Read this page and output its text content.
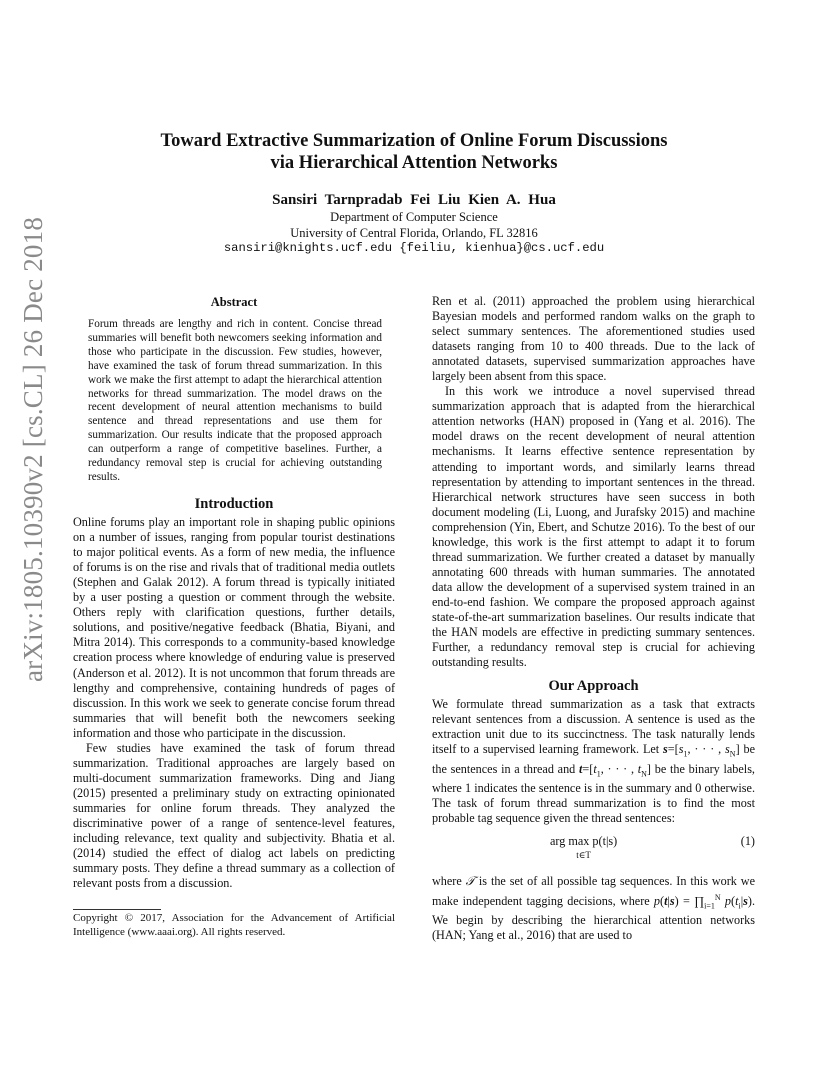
arXiv:1805.10390v2 [cs.CL] 26 Dec 2018
Toward Extractive Summarization of Online Forum Discussions
via Hierarchical Attention Networks
Sansiri Tarnpradab Fei Liu Kien A. Hua
Department of Computer Science
University of Central Florida, Orlando, FL 32816
sansiri@knights.ucf.edu {feiliu, kienhua}@cs.ucf.edu
Abstract
Forum threads are lengthy and rich in content. Concise thread summaries will benefit both newcomers seeking information and those who participate in the discussion. Few studies, however, have examined the task of forum thread summarization. In this work we make the first attempt to adapt the hierarchical attention networks for thread summarization. The model draws on the recent development of neural attention mechanisms to build sentence and thread representations and use them for summarization. Our results indicate that the proposed approach can outperform a range of competitive baselines. Further, a redundancy removal step is crucial for achieving outstanding results.
Introduction

Online forums play an important role in shaping public opinions on a number of issues, ranging from popular tourist destinations to major political events. As a form of new media, the influence of forums is on the rise and rivals that of traditional media outlets (Stephen and Galak 2012). A forum thread is typically initiated by a user posting a question or comment through the website. Others reply with clarification questions, further details, solutions, and positive/negative feedback (Bhatia, Biyani, and Mitra 2014). This corresponds to a community-based knowledge creation process where knowledge of enduring value is preserved (Anderson et al. 2012). It is not uncommon that forum threads are lengthy and comprehensive, containing hundreds of pages of discussion. In this work we seek to generate concise forum thread summaries that will benefit both the newcomers seeking information and those who participate in the discussion.

Few studies have examined the task of forum thread summarization. Traditional approaches are largely based on multi-document summarization frameworks. Ding and Jiang (2015) presented a preliminary study on extracting opinionated summaries for online forum threads. They analyzed the discriminative power of a range of sentence-level features, including relevance, text quality and subjectivity. Bhatia et al. (2014) studied the effect of dialog act labels on predicting summary posts. They define a thread summary as a collection of relevant posts from a discussion.

Copyright © 2017, Association for the Advancement of Artificial Intelligence (www.aaai.org). All rights reserved.

Ren et al. (2011) approached the problem using hierarchical Bayesian models and performed random walks on the graph to select summary sentences. The aforementioned studies used datasets ranging from 10 to 400 threads. Due to the lack of annotated datasets, supervised summarization approaches have largely been absent from this space.

In this work we introduce a novel supervised thread summarization approach that is adapted from the hierarchical attention networks (HAN) proposed in (Yang et al. 2016). The model draws on the recent development of neural attention mechanisms. It learns effective sentence representation by attending to important words, and similarly learns thread representation by attending to important sentences in the thread. Hierarchical network structures have seen success in both document modeling (Li, Luong, and Jurafsky 2015) and machine comprehension (Yin, Ebert, and Schutze 2016). To the best of our knowledge, this work is the first attempt to adapt it to forum thread summarization. We further created a dataset by manually annotating 600 threads with human summaries. The annotated data allow the development of a supervised system trained in an end-to-end fashion. We compare the proposed approach against state-of-the-art summarization baselines. Our results indicate that the HAN models are effective in predicting summary sentences. Further, a redundancy removal step is crucial for achieving outstanding results.

Our Approach

We formulate thread summarization as a task that extracts relevant sentences from a discussion. A sentence is used as the extraction unit due to its succinctness. The task naturally lends itself to a supervised learning framework. Let $s=[s_1$, · · · , $s_N$] be the sentences in a thread and $t=[t_1$, · · · , $t_N$] be the binary labels, where 1 indicates the sentence is in the summary and 0 otherwise. The task of forum thread summarization is to find the most probable tag sequence given the thread sentences:

arg max p(t|s)
t∈T
(1)

where 𝒯 is the set of all possible tag sequences. In this work we make independent tagging decisions, where $p(t|s) = \prod_{i=1}^N$ $p(t_i|s)$. We begin by describing the hierarchical attention networks (HAN; Yang et al., 2016) that are used to
